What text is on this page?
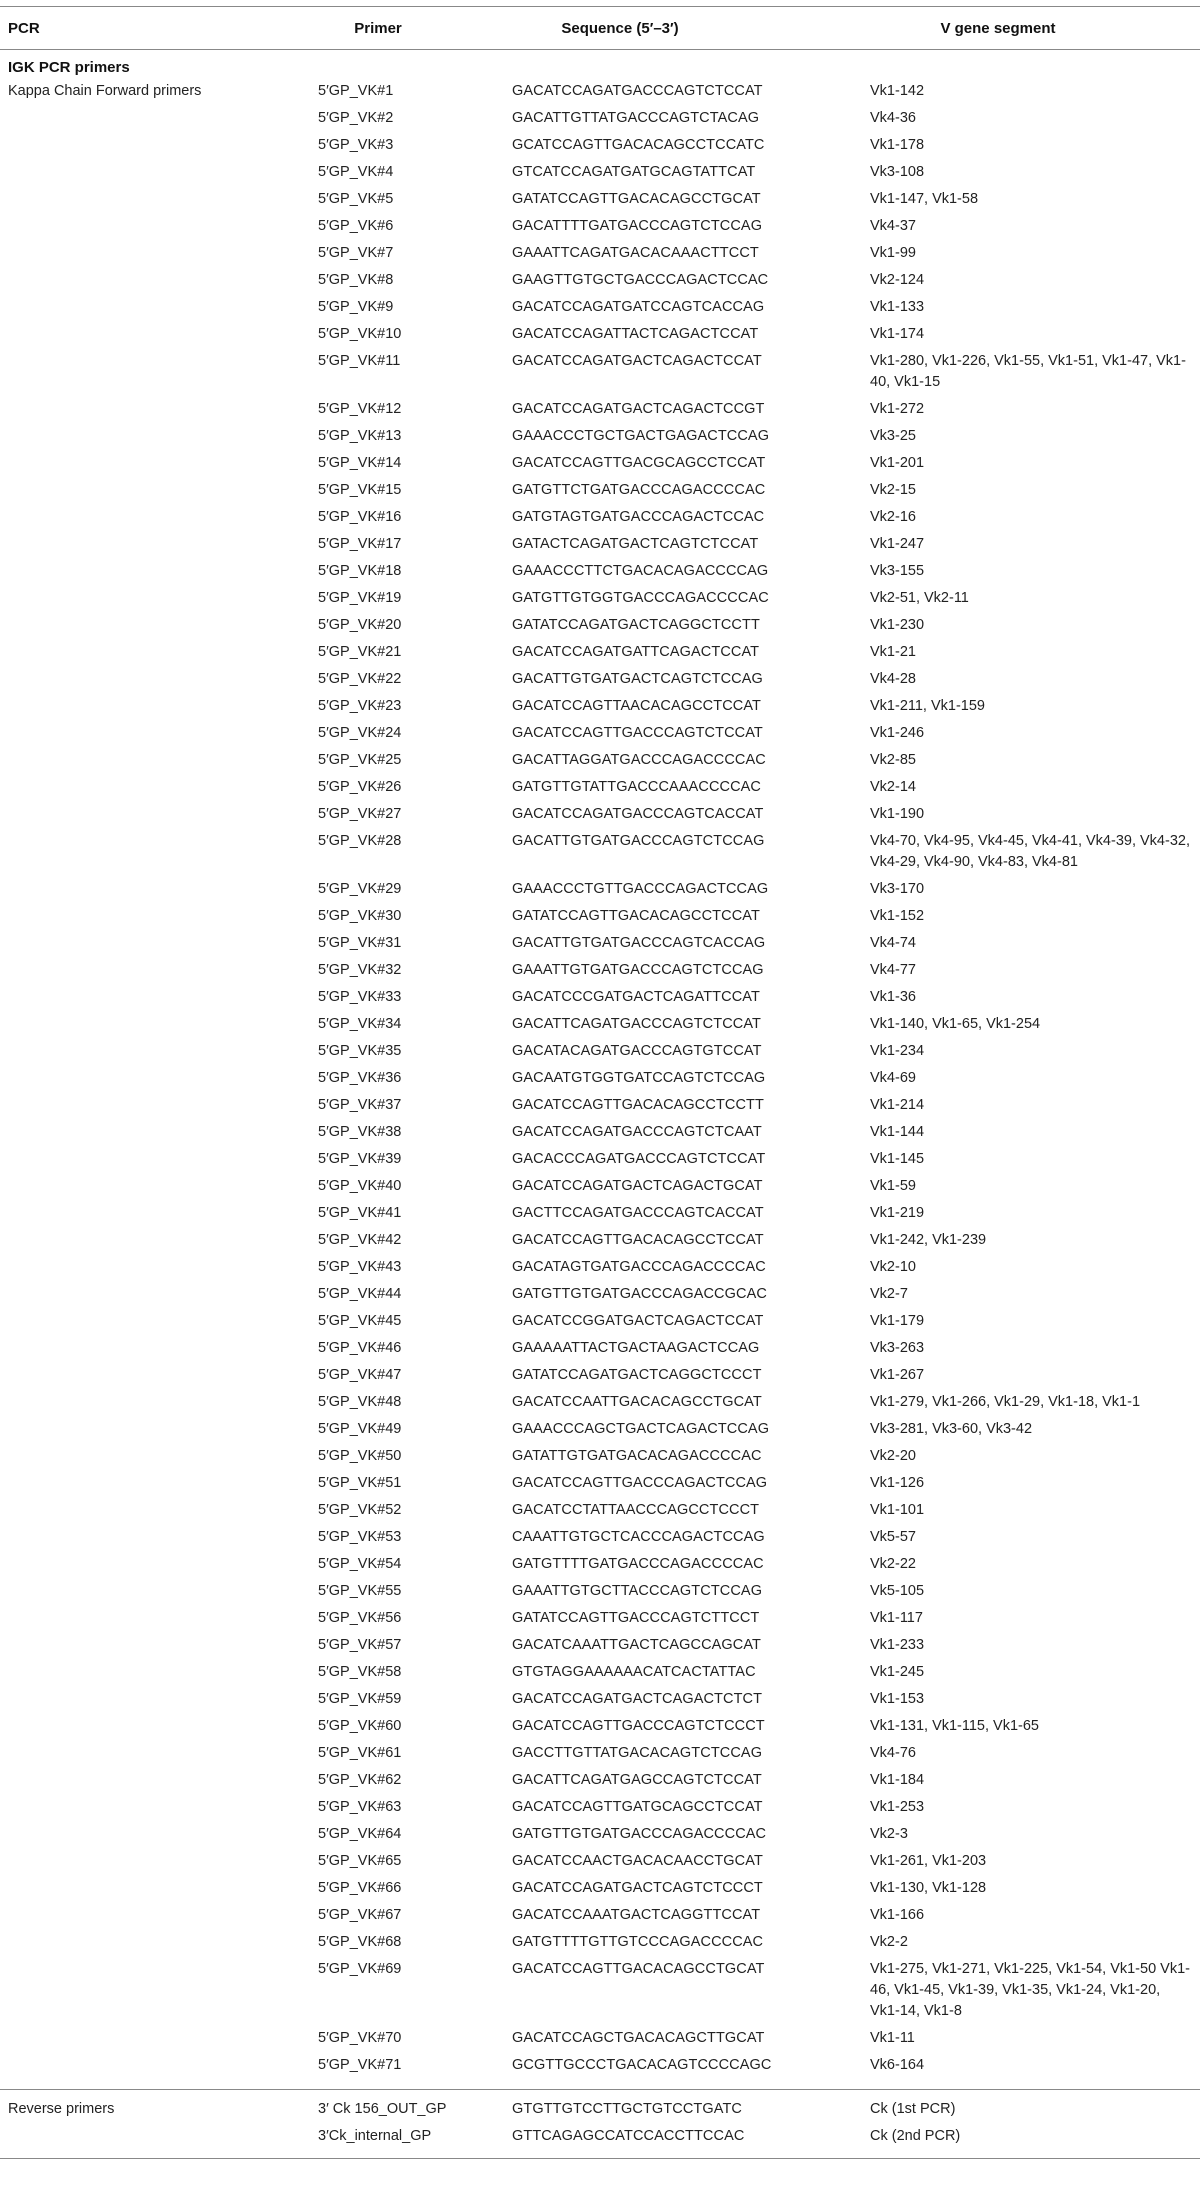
PCR	Primer	Sequence (5′–3′)	V gene segment
IGK PCR primers
Kappa Chain Forward primers	5′GP_VK#1	GACATCCAGATGACCCAGTCTCCAT	Vk1-142
5′GP_VK#2	GACATTGTTATGACCCAGTCTACAG	Vk4-36
5′GP_VK#3	GCATCCAGTTGACACAGCCTCCATC	Vk1-178
5′GP_VK#4	GTCATCCAGATGATGCAGTATTCAT	Vk3-108
5′GP_VK#5	GATATCCAGTTGACACAGCCTGCAT	Vk1-147, Vk1-58
5′GP_VK#6	GACATTTTGATGACCCAGTCTCCAG	Vk4-37
5′GP_VK#7	GAAATTCAGATGACACAAACTTCCT	Vk1-99
5′GP_VK#8	GAAGTTGTGCTGACCCAGACTCCAC	Vk2-124
5′GP_VK#9	GACATCCAGATGATCCAGTCACCAG	Vk1-133
5′GP_VK#10	GACATCCAGATTACTCAGACTCCAT	Vk1-174
5′GP_VK#11	GACATCCAGATGACTCAGACTCCAT	Vk1-280, Vk1-226, Vk1-55, Vk1-51, Vk1-47, Vk1-40, Vk1-15
5′GP_VK#12	GACATCCAGATGACTCAGACTCCGT	Vk1-272
5′GP_VK#13	GAAACCCTGCTGACTGAGACTCCAG	Vk3-25
5′GP_VK#14	GACATCCAGTTGACGCAGCCTCCAT	Vk1-201
5′GP_VK#15	GATGTTCTGATGACCCAGACCCCAC	Vk2-15
5′GP_VK#16	GATGTAGTGATGACCCAGACTCCAC	Vk2-16
5′GP_VK#17	GATACTCAGATGACTCAGTCTCCAT	Vk1-247
5′GP_VK#18	GAAACCCTTCTGACACAGACCCCAG	Vk3-155
5′GP_VK#19	GATGTTGTGGTGACCCAGACCCCAC	Vk2-51, Vk2-11
5′GP_VK#20	GATATCCAGATGACTCAGGCTCCTT	Vk1-230
5′GP_VK#21	GACATCCAGATGATTCAGACTCCAT	Vk1-21
5′GP_VK#22	GACATTGTGATGACTCAGTCTCCAG	Vk4-28
5′GP_VK#23	GACATCCAGTTAACACAGCCTCCAT	Vk1-211, Vk1-159
5′GP_VK#24	GACATCCAGTTGACCCAGTCTCCAT	Vk1-246
5′GP_VK#25	GACATTAGGATGACCCAGACCCCAC	Vk2-85
5′GP_VK#26	GATGTTGTATTGACCCAAACCCCAC	Vk2-14
5′GP_VK#27	GACATCCAGATGACCCAGTCACCAT	Vk1-190
5′GP_VK#28	GACATTGTGATGACCCAGTCTCCAG	Vk4-70, Vk4-95, Vk4-45, Vk4-41, Vk4-39, Vk4-32, Vk4-29, Vk4-90, Vk4-83, Vk4-81
5′GP_VK#29	GAAACCCTGTTGACCCAGACTCCAG	Vk3-170
5′GP_VK#30	GATATCCAGTTGACACAGCCTCCAT	Vk1-152
5′GP_VK#31	GACATTGTGATGACCCAGTCACCAG	Vk4-74
5′GP_VK#32	GAAATTGTGATGACCCAGTCTCCAG	Vk4-77
5′GP_VK#33	GACATCCCGATGACTCAGATTCCAT	Vk1-36
5′GP_VK#34	GACATTCAGATGACCCAGTCTCCAT	Vk1-140, Vk1-65, Vk1-254
5′GP_VK#35	GACATACAGATGACCCAGTGTCCAT	Vk1-234
5′GP_VK#36	GACAATGTGGTGATCCAGTCTCCAG	Vk4-69
5′GP_VK#37	GACATCCAGTTGACACAGCCTCCTT	Vk1-214
5′GP_VK#38	GACATCCAGATGACCCAGTCTCAAT	Vk1-144
5′GP_VK#39	GACACCCAGATGACCCAGTCTCCAT	Vk1-145
5′GP_VK#40	GACATCCAGATGACTCAGACTGCAT	Vk1-59
5′GP_VK#41	GACTTCCAGATGACCCAGTCACCAT	Vk1-219
5′GP_VK#42	GACATCCAGTTGACACAGCCTCCAT	Vk1-242, Vk1-239
5′GP_VK#43	GACATAGTGATGACCCAGACCCCAC	Vk2-10
5′GP_VK#44	GATGTTGTGATGACCCAGACCGCAC	Vk2-7
5′GP_VK#45	GACATCCGGATGACTCAGACTCCAT	Vk1-179
5′GP_VK#46	GAAAAATTACTGACTAAGACTCCAG	Vk3-263
5′GP_VK#47	GATATCCAGATGACTCAGGCTCCCT	Vk1-267
5′GP_VK#48	GACATCCAATTGACACAGCCTGCAT	Vk1-279, Vk1-266, Vk1-29, Vk1-18, Vk1-1
5′GP_VK#49	GAAACCCAGCTGACTCAGACTCCAG	Vk3-281, Vk3-60, Vk3-42
5′GP_VK#50	GATATTGTGATGACACAGACCCCAC	Vk2-20
5′GP_VK#51	GACATCCAGTTGACCCAGACTCCAG	Vk1-126
5′GP_VK#52	GACATCCTATTAACCCAGCCTCCCT	Vk1-101
5′GP_VK#53	CAAATTGTGCTCACCCAGACTCCAG	Vk5-57
5′GP_VK#54	GATGTTTTGATGACCCAGACCCCAC	Vk2-22
5′GP_VK#55	GAAATTGTGCTTACCCAGTCTCCAG	Vk5-105
5′GP_VK#56	GATATCCAGTTGACCCAGTCTTCCT	Vk1-117
5′GP_VK#57	GACATCAAATTGACTCAGCCAGCAT	Vk1-233
5′GP_VK#58	GTGTAGGAAAAAACATCACTATTAC	Vk1-245
5′GP_VK#59	GACATCCAGATGACTCAGACTCTCT	Vk1-153
5′GP_VK#60	GACATCCAGTTGACCCAGTCTCCCT	Vk1-131, Vk1-115, Vk1-65
5′GP_VK#61	GACCTTGTTATGACACAGTCTCCAG	Vk4-76
5′GP_VK#62	GACATTCAGATGAGCCAGTCTCCAT	Vk1-184
5′GP_VK#63	GACATCCAGTTGATGCAGCCTCCAT	Vk1-253
5′GP_VK#64	GATGTTGTGATGACCCAGACCCCAC	Vk2-3
5′GP_VK#65	GACATCCAACTGACACAACCTGCAT	Vk1-261, Vk1-203
5′GP_VK#66	GACATCCAGATGACTCAGTCTCCCT	Vk1-130, Vk1-128
5′GP_VK#67	GACATCCAAATGACTCAGGTTCCAT	Vk1-166
5′GP_VK#68	GATGTTTTGTTGTCCCAGACCCCAC	Vk2-2
5′GP_VK#69	GACATCCAGTTGACACAGCCTGCAT	Vk1-275, Vk1-271, Vk1-225, Vk1-54, Vk1-50 Vk1-46, Vk1-45, Vk1-39, Vk1-35, Vk1-24, Vk1-20, Vk1-14, Vk1-8
5′GP_VK#70	GACATCCAGCTGACACAGCTTGCAT	Vk1-11
5′GP_VK#71	GCGTTGCCCTGACACAGTCCCCAGC	Vk6-164
Reverse primers	3′ Ck 156_OUT_GP	GTGTTGTCCTTGCTGTCCTGATC	Ck (1st PCR)
3′Ck_internal_GP	GTTCAGAGCCATCCACCTTCCAC	Ck (2nd PCR)
